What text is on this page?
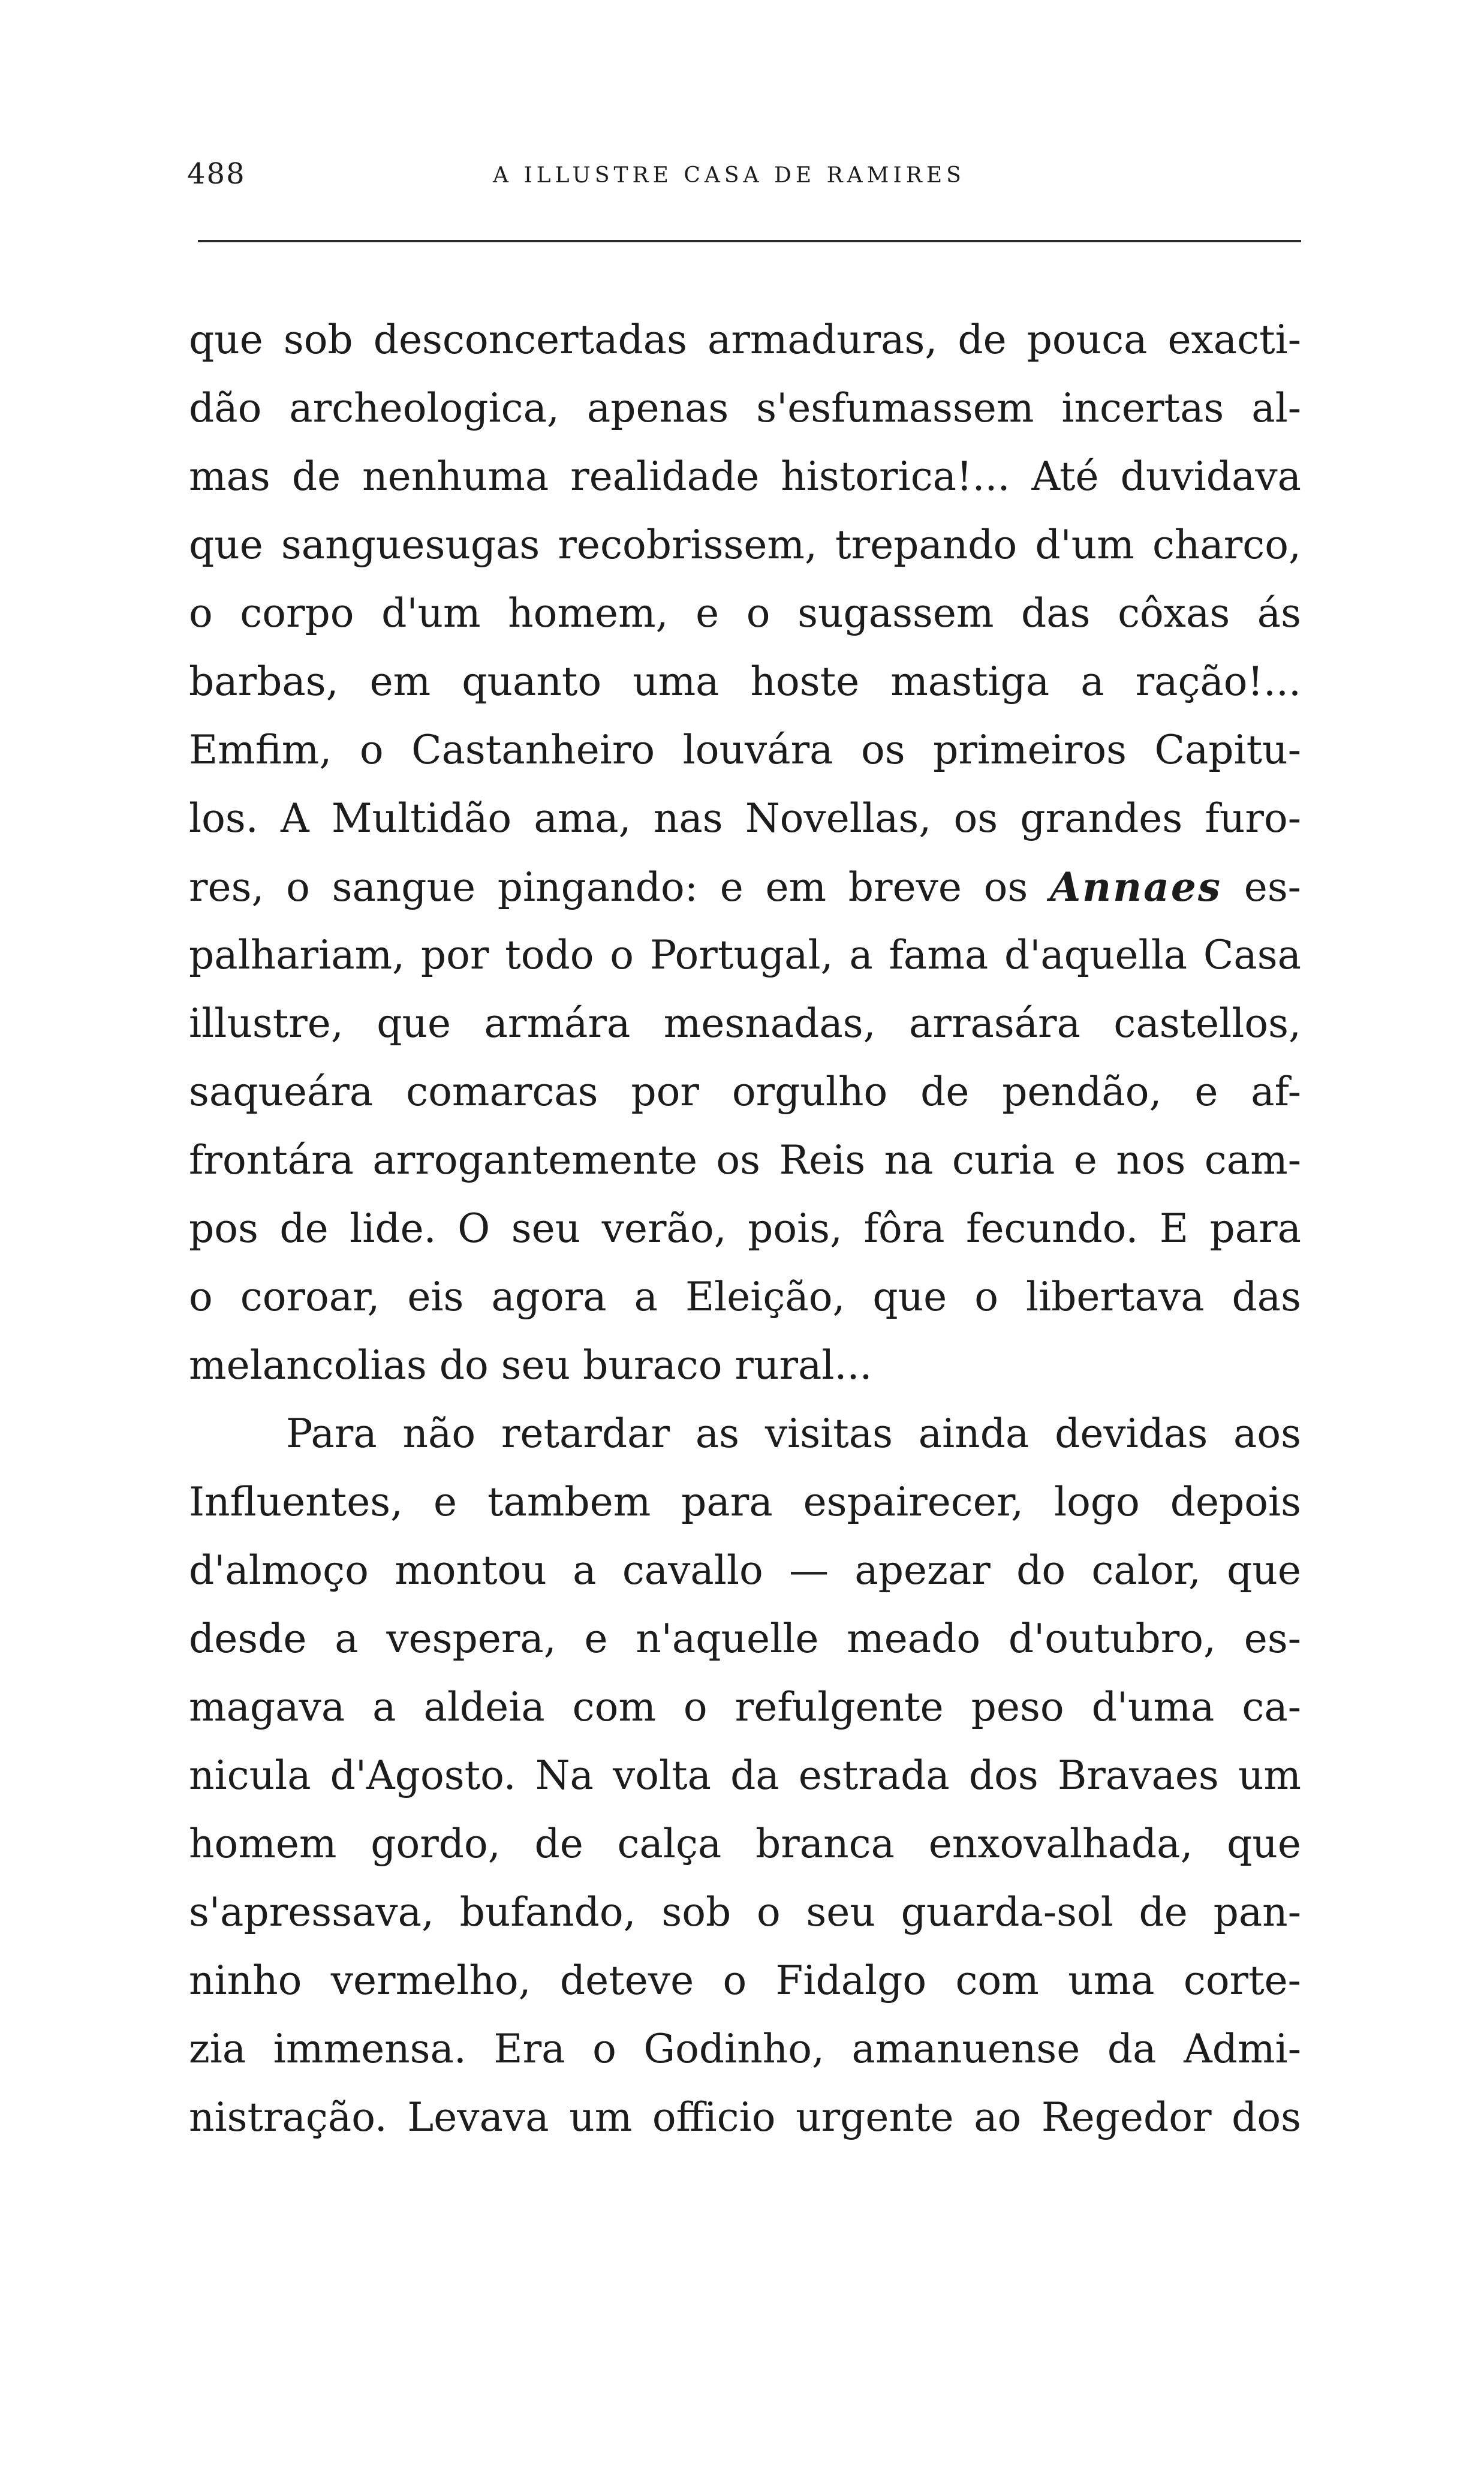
488	A ILLUSTRE CASA DE RAMIRES
que sob desconcertadas armaduras, de pouca exacti-
dão archeologica, apenas s'esfumassem incertas al-
mas de nenhuma realidade historica!... Até duvidava
que sanguesugas recobrissem, trepando d'um charco,
o corpo d'um homem, e o sugassem das côxas ás
barbas, em quanto uma hoste mastiga a ração!...
Emfim, o Castanheiro louvára os primeiros Capitu-
los. A Multidão ama, nas Novellas, os grandes furo-
res, o sangue pingando: e em breve os Annaes es-
palhariam, por todo o Portugal, a fama d'aquella Casa
illustre, que armára mesnadas, arrasára castellos,
saqueára comarcas por orgulho de pendão, e af-
frontára arrogantemente os Reis na curia e nos cam-
pos de lide. O seu verão, pois, fôra fecundo. E para
o coroar, eis agora a Eleição, que o libertava das
melancolias do seu buraco rural...
Para não retardar as visitas ainda devidas aos
Influentes, e tambem para espairecer, logo depois
d'almoço montou a cavallo — apezar do calor, que
desde a vespera, e n'aquelle meado d'outubro, es-
magava a aldeia com o refulgente peso d'uma ca-
nicula d'Agosto. Na volta da estrada dos Bravaes um
homem gordo, de calça branca enxovalhada, que
s'apressava, bufando, sob o seu guarda-sol de pan-
ninho vermelho, deteve o Fidalgo com uma corte-
zia immensa. Era o Godinho, amanuense da Admi-
nistração. Levava um officio urgente ao Regedor dos
